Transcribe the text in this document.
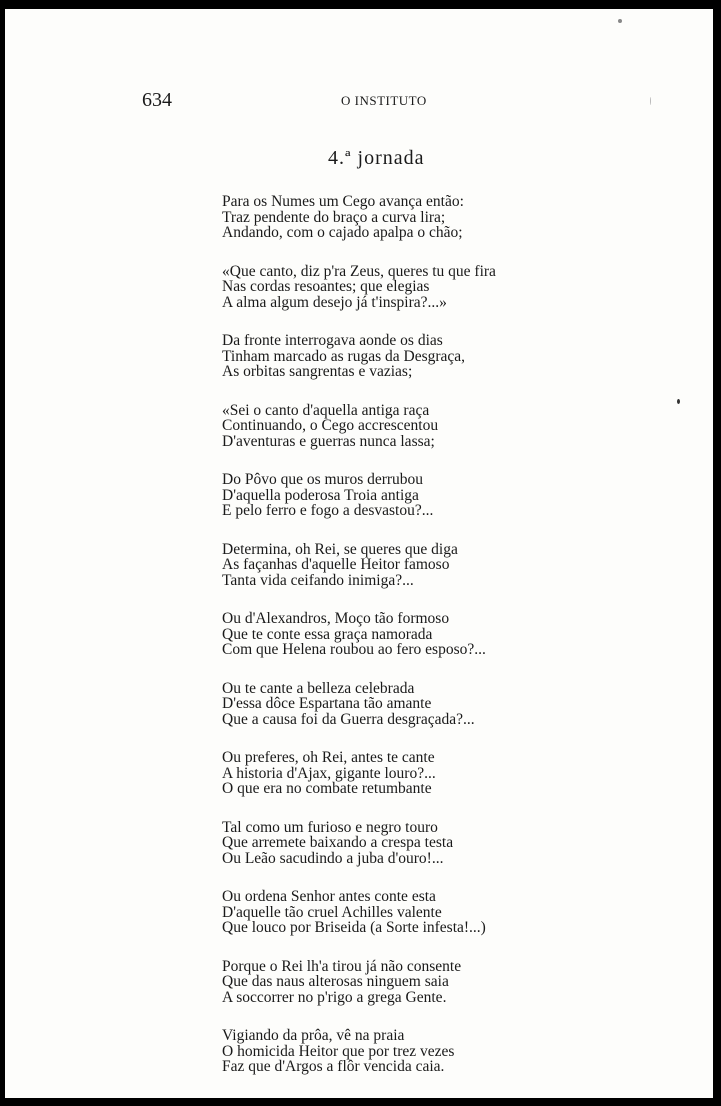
634	O INSTITUTO
4.ª jornada
Para os Numes um Cego avança então:
Traz pendente do braço a curva lira;
Andando, com o cajado apalpa o chão;
«Que canto, diz p'ra Zeus, queres tu que fira
Nas cordas resoantes; que elegias
A alma algum desejo já t'inspira?...»
Da fronte interrogava aonde os dias
Tinham marcado as rugas da Desgraça,
As orbitas sangrentas e vazias;
«Sei o canto d'aquella antiga raça
Continuando, o Cego accrescentou
D'aventuras e guerras nunca lassa;
Do Pôvo que os muros derrubou
D'aquella poderosa Troia antiga
E pelo ferro e fogo a desvastou?...
Determina, oh Rei, se queres que diga
As façanhas d'aquelle Heitor famoso
Tanta vida ceifando inimiga?...
Ou d'Alexandros, Moço tão formoso
Que te conte essa graça namorada
Com que Helena roubou ao fero esposo?...
Ou te cante a belleza celebrada
D'essa dôce Espartana tão amante
Que a causa foi da Guerra desgraçada?...
Ou preferes, oh Rei, antes te cante
A historia d'Ajax, gigante louro?...
O que era no combate retumbante
Tal como um furioso e negro touro
Que arremete baixando a crespa testa
Ou Leão sacudindo a juba d'ouro!...
Ou ordena Senhor antes conte esta
D'aquelle tão cruel Achilles valente
Que louco por Briseida (a Sorte infesta!...)
Porque o Rei lh'a tirou já não consente
Que das naus alterosas ninguem saia
A soccorrer no p'rigo a grega Gente.
Vigiando da prôa, vê na praia
O homicida Heitor que por trez vezes
Faz que d'Argos a flôr vencida caia.
